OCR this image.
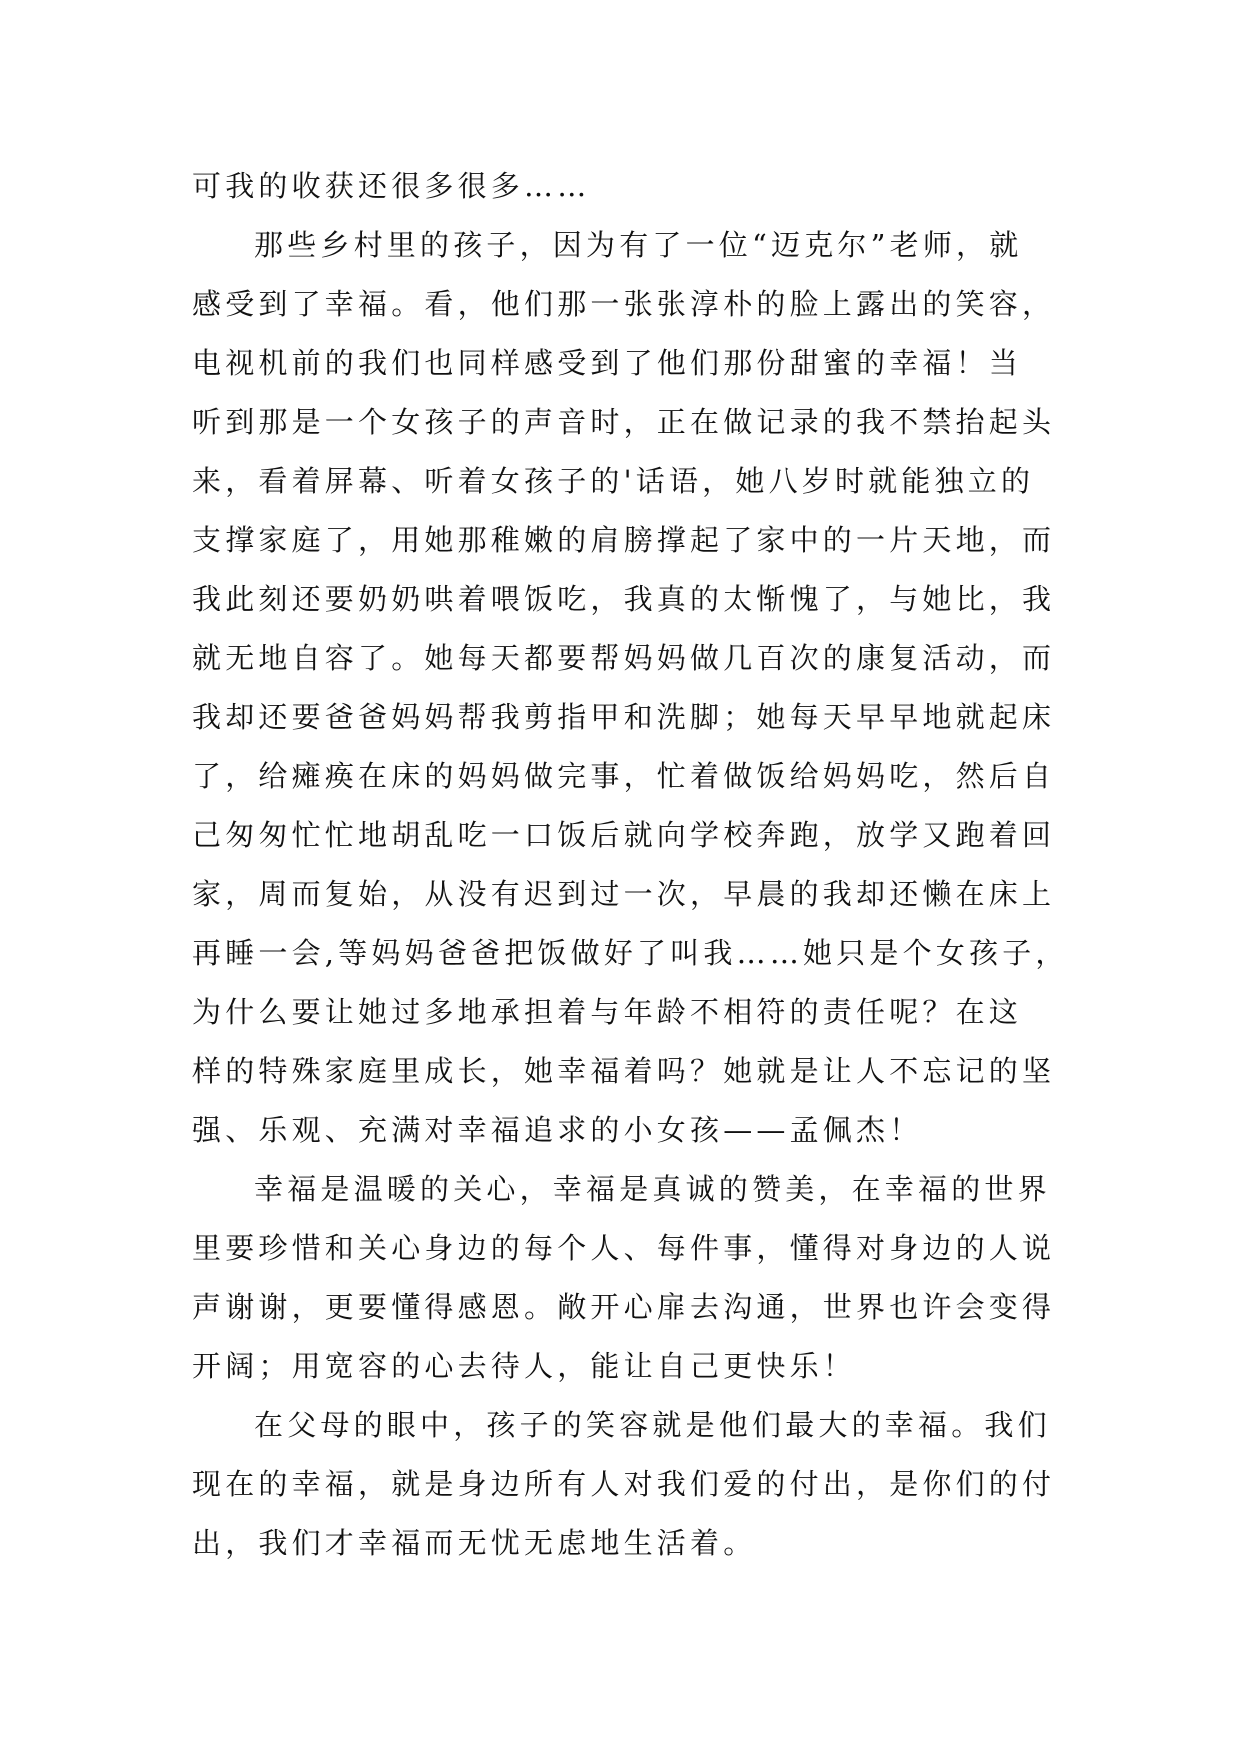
可我的收获还很多很多……
那些乡村里的孩子，因为有了一位“迈克尔”老师，就
感受到了幸福。看，他们那一张张淳朴的脸上露出的笑容，
电视机前的我们也同样感受到了他们那份甜蜜的幸福！当
听到那是一个女孩子的声音时，正在做记录的我不禁抬起头
来，看着屏幕、听着女孩子的'话语，她八岁时就能独立的
支撑家庭了，用她那稚嫩的肩膀撑起了家中的一片天地，而
我此刻还要奶奶哄着喂饭吃，我真的太惭愧了，与她比，我
就无地自容了。她每天都要帮妈妈做几百次的康复活动，而
我却还要爸爸妈妈帮我剪指甲和洗脚；她每天早早地就起床
了，给瘫痪在床的妈妈做完事，忙着做饭给妈妈吃，然后自
己匆匆忙忙地胡乱吃一口饭后就向学校奔跑，放学又跑着回
家，周而复始，从没有迟到过一次，早晨的我却还懒在床上
再睡一会,等妈妈爸爸把饭做好了叫我……她只是个女孩子，
为什么要让她过多地承担着与年龄不相符的责任呢？在这
样的特殊家庭里成长，她幸福着吗？她就是让人不忘记的坚
强、乐观、充满对幸福追求的小女孩——孟佩杰！
幸福是温暖的关心，幸福是真诚的赞美，在幸福的世界
里要珍惜和关心身边的每个人、每件事，懂得对身边的人说
声谢谢，更要懂得感恩。敞开心扉去沟通，世界也许会变得
开阔；用宽容的心去待人，能让自己更快乐！
在父母的眼中，孩子的笑容就是他们最大的幸福。我们
现在的幸福，就是身边所有人对我们爱的付出，是你们的付
出，我们才幸福而无忧无虑地生活着。
